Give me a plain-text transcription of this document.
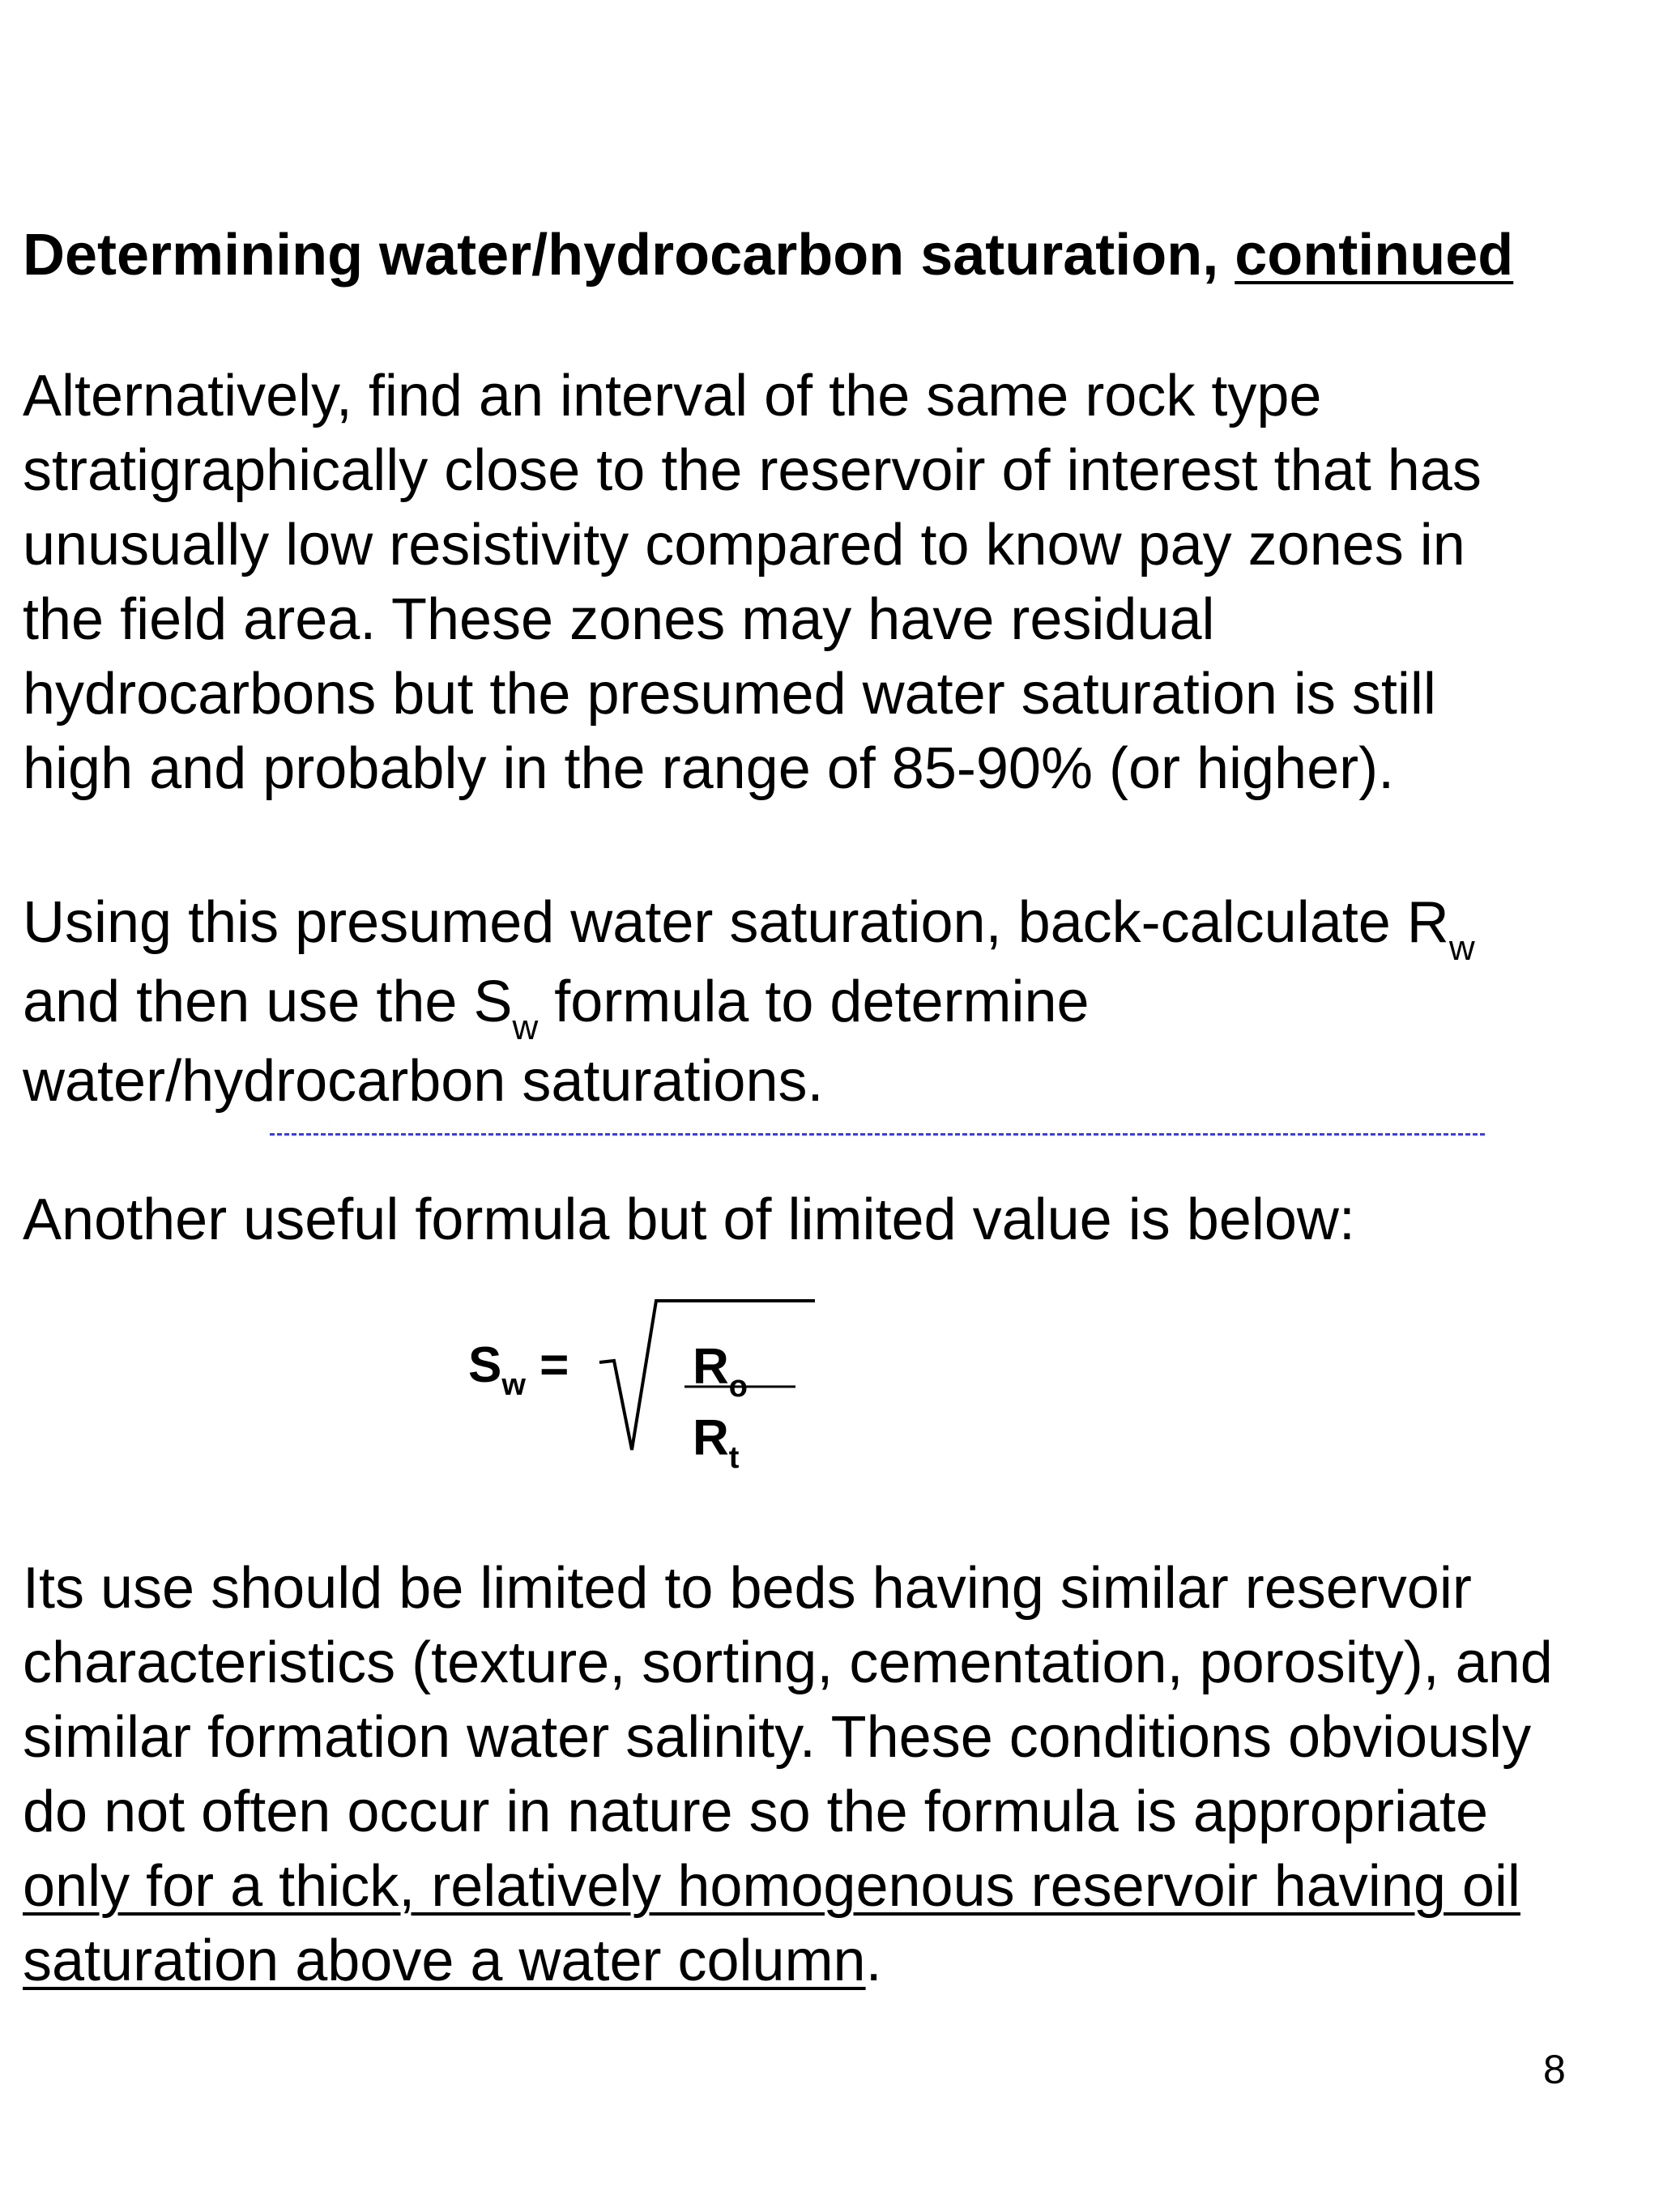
Determining water/hydrocarbon saturation, continued

Alternatively, find an interval of the same rock type
stratigraphically close to the reservoir of interest that has
unusually low resistivity compared to know pay zones in
the field area. These zones may have residual
hydrocarbons but the presumed water saturation is still
high and probably in the range of 85-90% (or higher).

Using this presumed water saturation, back-calculate $R_w$
and then use the $S_w$ formula to determine
water/hydrocarbon saturations.

Another useful formula but of limited value is below:

$S_w = R_o$
$R_t$

Its use should be limited to beds having similar reservoir
characteristics (texture, sorting, cementation, porosity), and
similar formation water salinity. These conditions obviously
do not often occur in nature so the formula is appropriate
only for a thick, relatively homogenous reservoir having oil
saturation above a water column.

8
